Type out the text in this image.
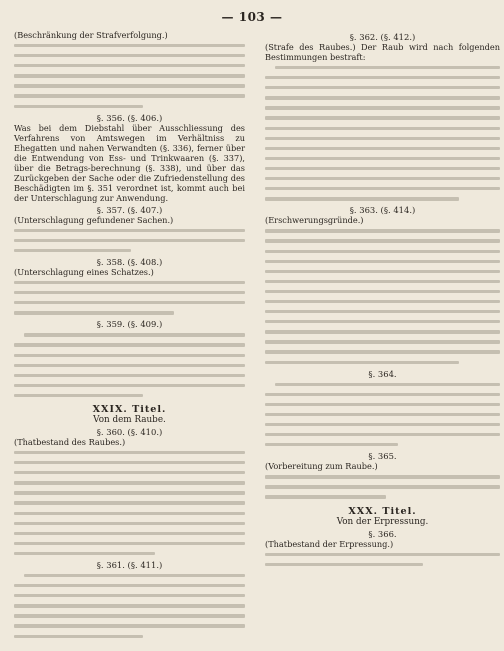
— 103 —
(Beschränkung der Strafverfolgung.)
§. 356. (§. 406.)
Was bei dem Diebstahl über Ausschliessung des Verfahrens von Amtswegen im Verhältniss zu Ehegatten und nahen Verwandten (§. 336), ferner über die Entwendung von Ess- und Trinkwaaren (§. 337), über die Betrags-berechnung (§. 338), und über das Zurückgeben der Sache oder die Zufriedenstellung des Beschädigten im §. 351 verordnet ist, kommt auch bei der Unterschlagung zur Anwendung.
§. 357. (§. 407.)
(Unterschlagung gefundener Sachen.)
§. 358. (§. 408.)
(Unterschlagung eines Schatzes.)
§. 359. (§. 409.)
XXIX. Titel.
Von dem Raube.
§. 360. (§. 410.)
(Thatbestand des Raubes.)
§. 361. (§. 411.)
§. 362. (§. 412.)
(Strafe des Raubes.) Der Raub wird nach folgenden Bestimmungen bestraft:
§. 363. (§. 414.)
(Erschwerungsgründe.)
§. 364.
§. 365.
(Vorbereitung zum Raube.)
XXX. Titel.
Von der Erpressung.
§. 366.
(Thatbestand der Erpressung.)
